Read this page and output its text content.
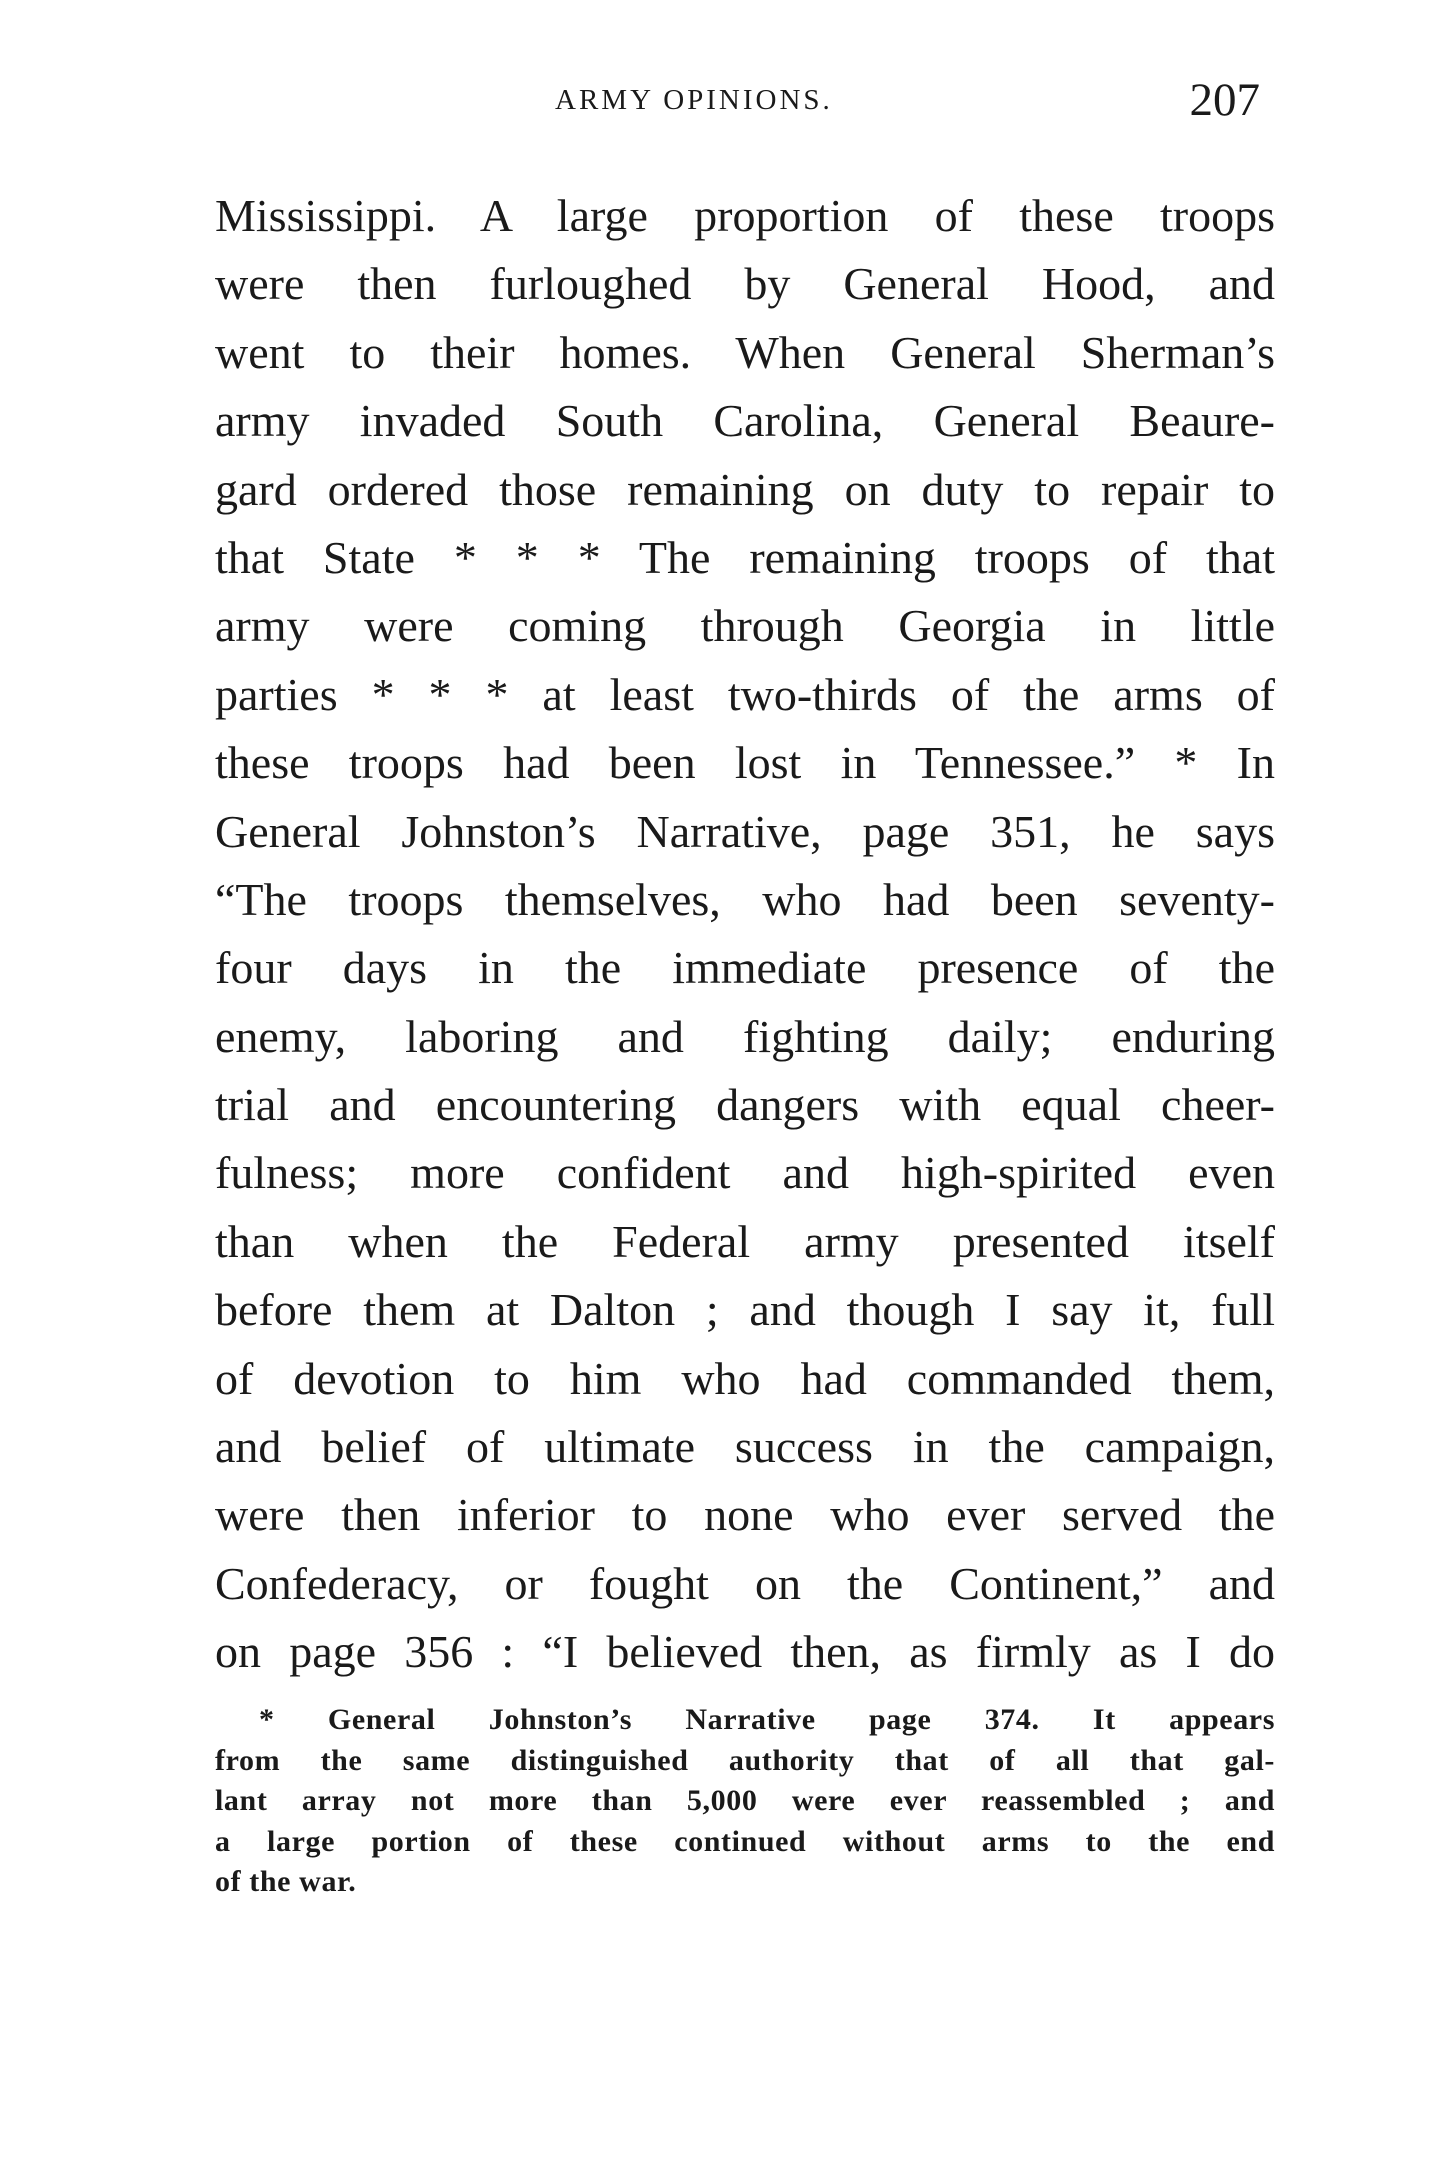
ARMY OPINIONS.	207
Mississippi. A large proportion of these troops
were then furloughed by General Hood, and
went to their homes. When General Sherman’s
army invaded South Carolina, General Beaure-
gard ordered those remaining on duty to repair to
that State * * * The remaining troops of that
army were coming through Georgia in little
parties * * * at least two-thirds of the arms of
these troops had been lost in Tennessee.” * In
General Johnston’s Narrative, page 351, he says
“The troops themselves, who had been seventy-
four days in the immediate presence of the
enemy, laboring and fighting daily; enduring
trial and encountering dangers with equal cheer-
fulness; more confident and high-spirited even
than when the Federal army presented itself
before them at Dalton ; and though I say it, full
of devotion to him who had commanded them,
and belief of ultimate success in the campaign,
were then inferior to none who ever served the
Confederacy, or fought on the Continent,” and
on page 356 : “I believed then, as firmly as I do
* General Johnston’s Narrative page 374. It appears
from the same distinguished authority that of all that gal-
lant array not more than 5,000 were ever reassembled ; and
a large portion of these continued without arms to the end
of the war.
